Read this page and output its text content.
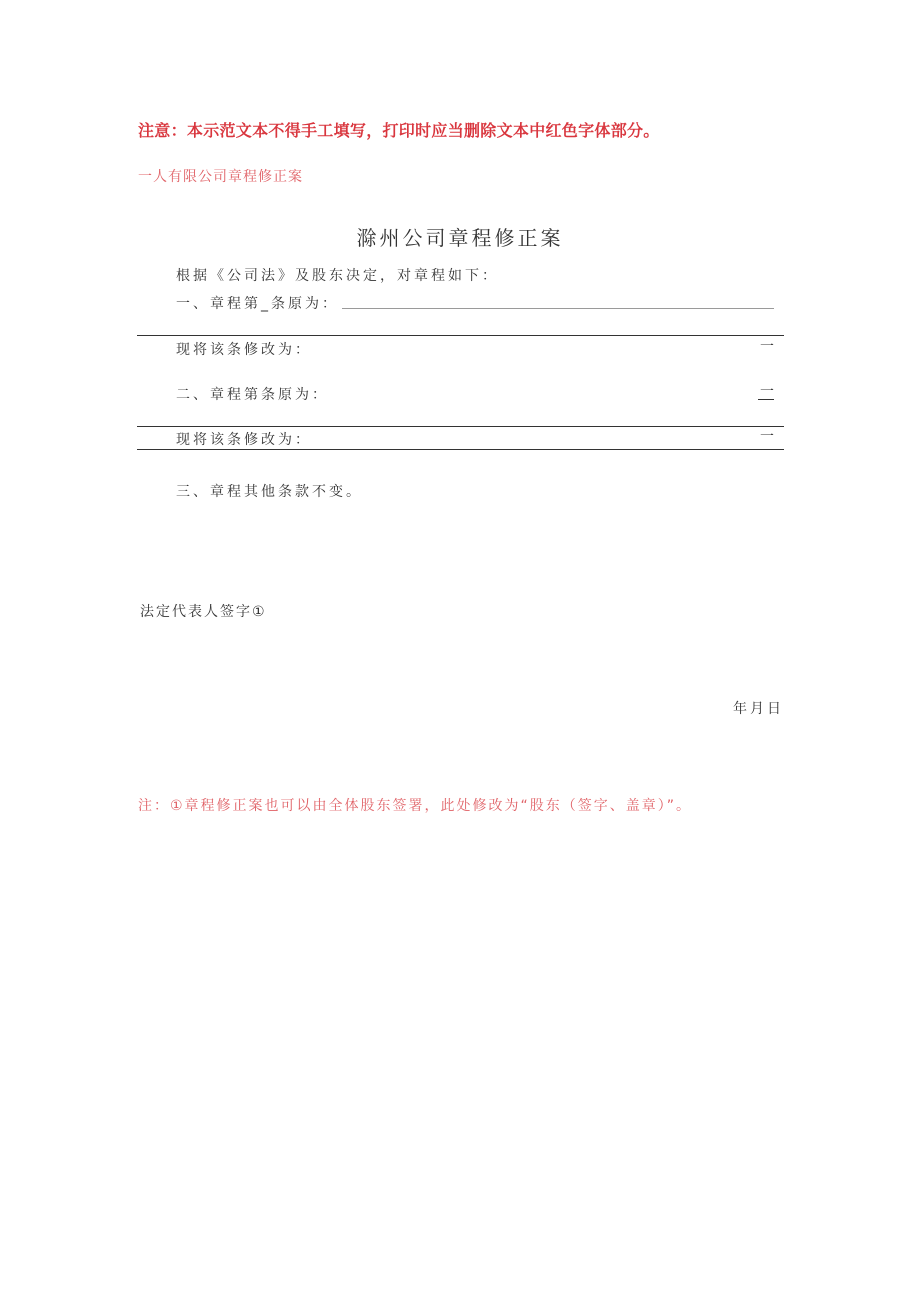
注意：本示范文本不得手工填写，打印时应当删除文本中红色字体部分。
一人有限公司章程修正案
滁州公司章程修正案
根据《公司法》及股东决定，对章程如下：
一、章程第_条原为：
现将该条修改为：	一
二、章程第条原为：	一
现将该条修改为：	一
三、章程其他条款不变。
法定代表人签字①
年月日
注：①章程修正案也可以由全体股东签署，此处修改为“股东（签字、盖章）”。
